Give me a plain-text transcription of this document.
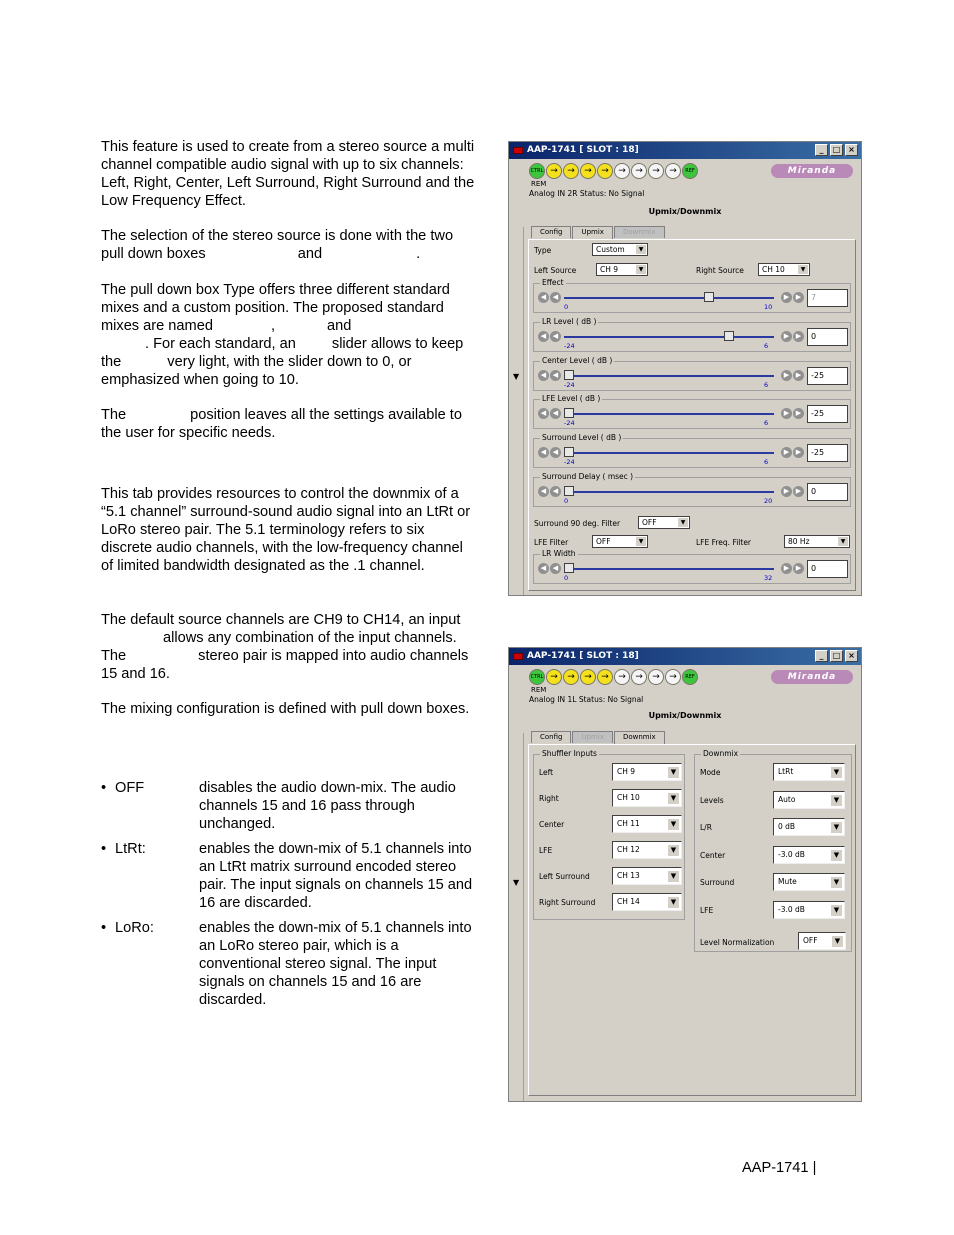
This feature is used to create from a stereo source a multi channel compatible audio signal with up to six channels: Left, Right, Center, Left Surround, Right Surround and the Low Frequency Effect.

The selection of the stereo source is done with the two pull down boxes	and	.
The pull down box Type offers three different standard mixes and a custom position. The proposed standard mixes are named	,	and
. For each standard, an slider allows to keep the	very light, with the slider down to 0, or emphasized when going to 10.
The	position leaves all the settings available to the user for specific needs.

This tab provides resources to control the downmix of a “5.1 channel” surround-sound audio signal into an LtRt or LoRo stereo pair. The 5.1 terminology refers to six discrete audio channels, with the low-frequency channel of limited bandwidth designated as the .1 channel.

The default source channels are CH9 to CH14, an inputallows any combination of the input channels. The	stereo pair is mapped into audio channels 15 and 16.

The mixing configuration is defined with pull down boxes.

• OFF	disables the audio down-mix. The audio channels 15 and 16 pass through unchanged.
• LtRt:	enables the down-mix of 5.1 channels into an LtRt matrix surround encoded stereo pair. The input signals on channels 15 and 16 are discarded.
• LoRo:	enables the down-mix of 5.1 channels into an LoRo stereo pair, which is a conventional stereo signal. The input signals on channels 15 and 16 are discarded.
AAP-1741 |
AAP-1741 [ SLOT : 18]	_	□ ×
CTRL →	→	→	→	→	→	→	→	REF
REM
Miranda
Analog IN 2R Status: No Signal
Upmix/Downmix
▼
Config	Upmix	Downmix
Type	Custom	▼
Left Source	CH 9	▼	Right Source	CH 10	▼
Effect
◀ ◀	▶ ▶
0	10
7
LR Level ( dB )
◀ ◀	▶ ▶
-24	6
0
Center Level ( dB )
◀ ◀	▶ ▶
-24	6
-25
LFE Level ( dB )
◀ ◀	▶ ▶
-24	6
-25
Surround Level ( dB )
◀ ◀	▶ ▶
-24	6
-25
Surround Delay ( msec )
◀ ◀	▶ ▶
0	20
0
Surround 90 deg. Filter	OFF	▼
LFE Filter	OFF	▼	LFE Freq. Filter	80 Hz	▼
LR Width
◀ ◀	▶ ▶
0	32
0
AAP-1741 [ SLOT : 18]	_	□ ×
CTRL →	→	→	→	→	→	→	→	REF
REM
Miranda
Analog IN 1L Status: No Signal
Upmix/Downmix
▼
Config	Upmix	Downmix
Shuffler Inputs
Left	CH 9	▼
Right	CH 10	▼
Center	CH 11	▼
LFE	CH 12	▼
Left Surround	CH 13	▼
Right Surround	CH 14	▼
Downmix
Mode	LtRt	▼
Levels	Auto	▼
L/R	0 dB	▼
Center	-3.0 dB	▼
Surround	Mute	▼
LFE	-3.0 dB	▼
Level Normalization	OFF	▼
